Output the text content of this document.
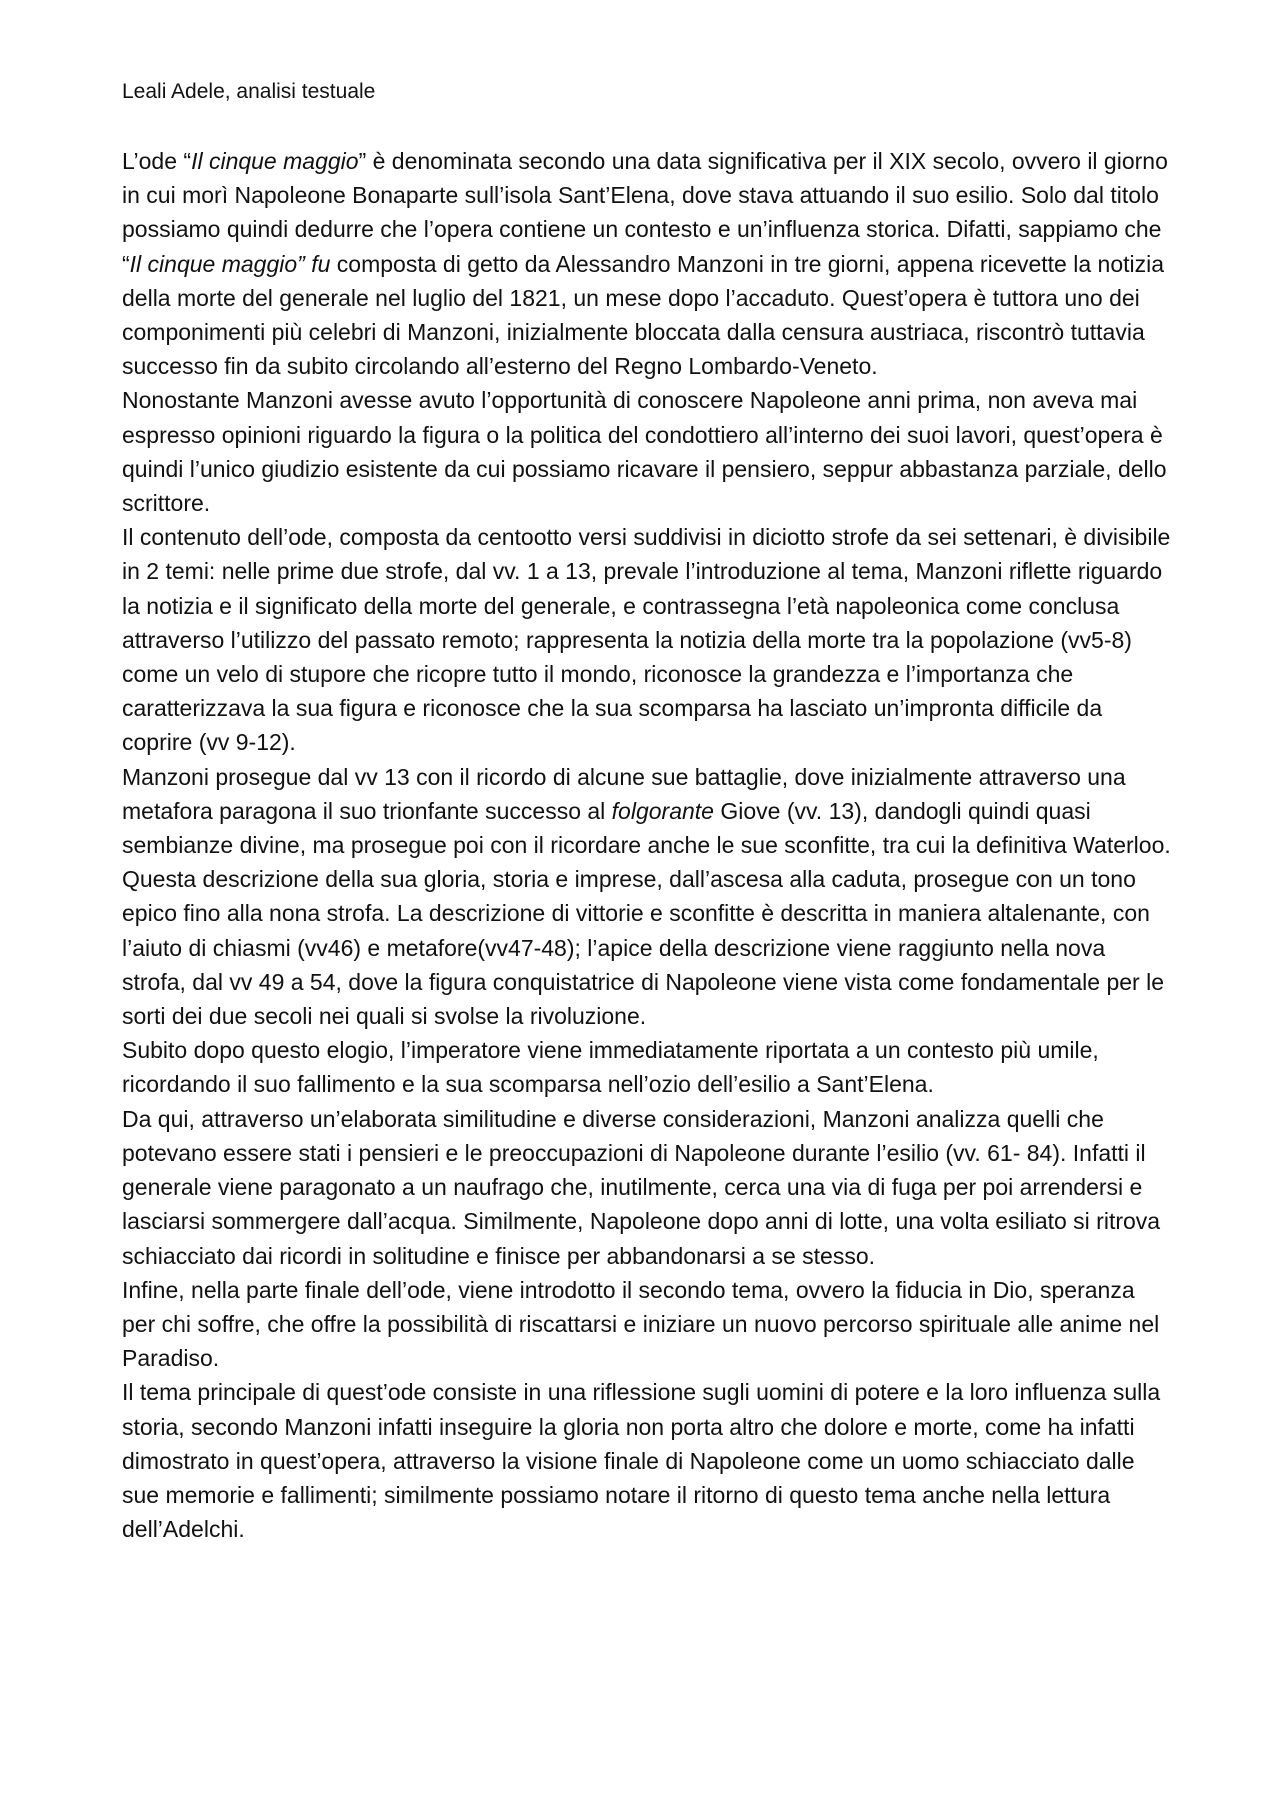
Leali Adele, analisi testuale

L’ode “Il cinque maggio” è denominata secondo una data significativa per il XIX secolo, ovvero il giorno in cui morì Napoleone Bonaparte sull’isola Sant’Elena, dove stava attuando il suo esilio. Solo dal titolo possiamo quindi dedurre che l’opera contiene un contesto e un’influenza storica. Difatti, sappiamo che “Il cinque maggio” fu composta di getto da Alessandro Manzoni in tre giorni, appena ricevette la notizia della morte del generale nel luglio del 1821, un mese dopo l’accaduto. Quest’opera è tuttora uno dei componimenti più celebri di Manzoni, inizialmente bloccata dalla censura austriaca, riscontrò tuttavia successo fin da subito circolando all’esterno del Regno Lombardo-Veneto.

Nonostante Manzoni avesse avuto l’opportunità di conoscere Napoleone anni prima, non aveva mai espresso opinioni riguardo la figura o la politica del condottiero all’interno dei suoi lavori, quest’opera è quindi l’unico giudizio esistente da cui possiamo ricavare il pensiero, seppur abbastanza parziale, dello scrittore.

Il contenuto dell’ode, composta da centootto versi suddivisi in diciotto strofe da sei settenari, è divisibile in 2 temi: nelle prime due strofe, dal vv. 1 a 13, prevale l’introduzione al tema, Manzoni riflette riguardo la notizia e il significato della morte del generale, e contrassegna l’età napoleonica come conclusa attraverso l’utilizzo del passato remoto; rappresenta la notizia della morte tra la popolazione (vv5-8) come un velo di stupore che ricopre tutto il mondo, riconosce la grandezza e l’importanza che caratterizzava la sua figura e riconosce che la sua scomparsa ha lasciato un’impronta difficile da coprire (vv 9-12).

Manzoni prosegue dal vv 13 con il ricordo di alcune sue battaglie, dove inizialmente attraverso una metafora paragona il suo trionfante successo al folgorante Giove (vv. 13), dandogli quindi quasi sembianze divine, ma prosegue poi con il ricordare anche le sue sconfitte, tra cui la definitiva Waterloo. Questa descrizione della sua gloria, storia e imprese, dall’ascesa alla caduta, prosegue con un tono epico fino alla nona strofa. La descrizione di vittorie e sconfitte è descritta in maniera altalenante, con l’aiuto di chiasmi (vv46) e metafore(vv47-48); l’apice della descrizione viene raggiunto nella nova strofa, dal vv 49 a 54, dove la figura conquistatrice di Napoleone viene vista come fondamentale per le sorti dei due secoli nei quali si svolse la rivoluzione.

Subito dopo questo elogio, l’imperatore viene immediatamente riportata a un contesto più umile, ricordando il suo fallimento e la sua scomparsa nell’ozio dell’esilio a Sant’Elena.

Da qui, attraverso un’elaborata similitudine e diverse considerazioni, Manzoni analizza quelli che potevano essere stati i pensieri e le preoccupazioni di Napoleone durante l’esilio (vv. 61- 84). Infatti il generale viene paragonato a un naufrago che, inutilmente, cerca una via di fuga per poi arrendersi e lasciarsi sommergere dall’acqua. Similmente, Napoleone dopo anni di lotte, una volta esiliato si ritrova schiacciato dai ricordi in solitudine e finisce per abbandonarsi a se stesso.

Infine, nella parte finale dell’ode, viene introdotto il secondo tema, ovvero la fiducia in Dio, speranza per chi soffre, che offre la possibilità di riscattarsi e iniziare un nuovo percorso spirituale alle anime nel Paradiso.

Il tema principale di quest’ode consiste in una riflessione sugli uomini di potere e la loro influenza sulla storia, secondo Manzoni infatti inseguire la gloria non porta altro che dolore e morte, come ha infatti dimostrato in quest’opera, attraverso la visione finale di Napoleone come un uomo schiacciato dalle sue memorie e fallimenti; similmente possiamo notare il ritorno di questo tema anche nella lettura dell’Adelchi.
